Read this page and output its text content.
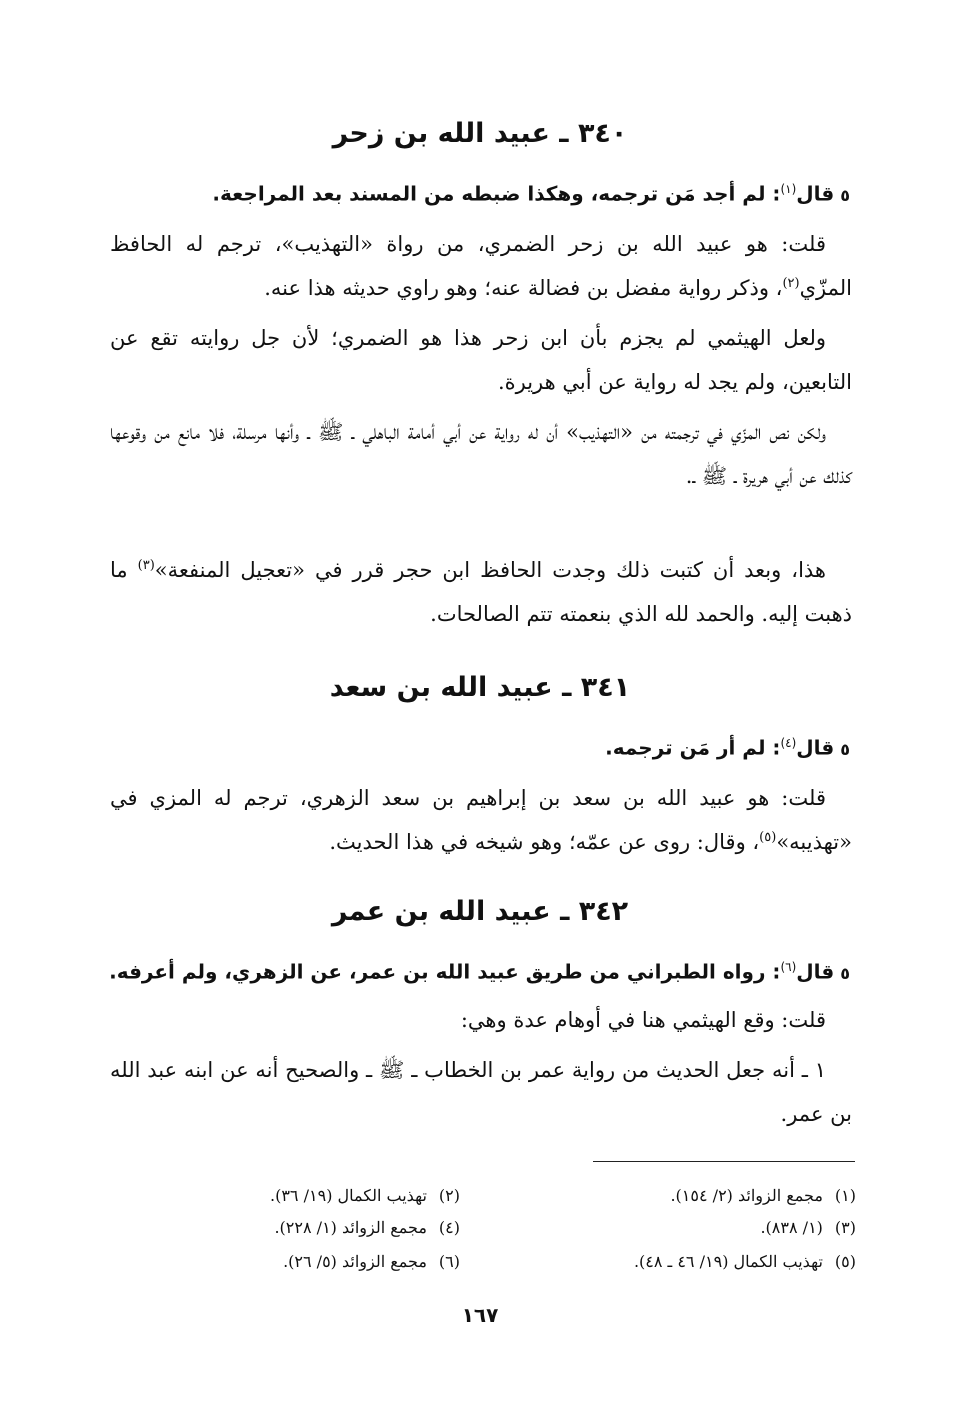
٣٤٠ ـ عبيد الله بن زحر
٥قال$^{(١)}$: لم أجد مَن ترجمه، وهكذا ضبطه من المسند بعد المراجعة.
قلت: هو عبيد الله بن زحر الضمري، من رواة «التهذيب»، ترجم له الحافظ المزّي$^{(٢)}$، وذكر رواية مفضل بن فضالة عنه؛ وهو راوي حديثه هذا عنه.
ولعل الهيثمي لم يجزم بأن ابن زحر هذا هو الضمري؛ لأن جل روايته تقع عن التابعين، ولم يجد له رواية عن أبي هريرة.
ولكن نص المزّي في ترجمته من «التهذيب» أن له رواية عن أبي أمامة الباهلي ـ ﷺ ـ وأنها مرسلة، فلا مانع من وقوعها كذلك عن أبي هريرة ـ ﷺ ـ.
هذا، وبعد أن كتبت ذلك وجدت الحافظ ابن حجر قرر في «تعجيل المنفعة»$^{(٣)}$ ما ذهبت إليه. والحمد لله الذي بنعمته تتم الصالحات.
٣٤١ ـ عبيد الله بن سعد
٥قال$^{(٤)}$: لم أر مَن ترجمه.
قلت: هو عبيد الله بن سعد بن إبراهيم بن سعد الزهري، ترجم له المزي في «تهذيبه»$^{(٥)}$، وقال: روى عن عمّه؛ وهو شيخه في هذا الحديث.
٣٤٢ ـ عبيد الله بن عمر
٥قال$^{(٦)}$: رواه الطبراني من طريق عبيد الله بن عمر، عن الزهري، ولم أعرفه.
قلت: وقع الهيثمي هنا في أوهام عدة وهي:
١ ـ أنه جعل الحديث من رواية عمر بن الخطاب ـ ﷺ ـ والصحيح أنه عن ابنه عبد الله بن عمر.
(١)مجمع الزوائد (٢/ ١٥٤).
(٣)(١/ ٨٣٨).
(٥)تهذيب الكمال (١٩/ ٤٦ ـ ٤٨).
(٢)تهذيب الكمال (١٩/ ٣٦).
(٤)مجمع الزوائد (١/ ٢٢٨).
(٦)مجمع الزوائد (٥/ ٢٦).
١٦٧
